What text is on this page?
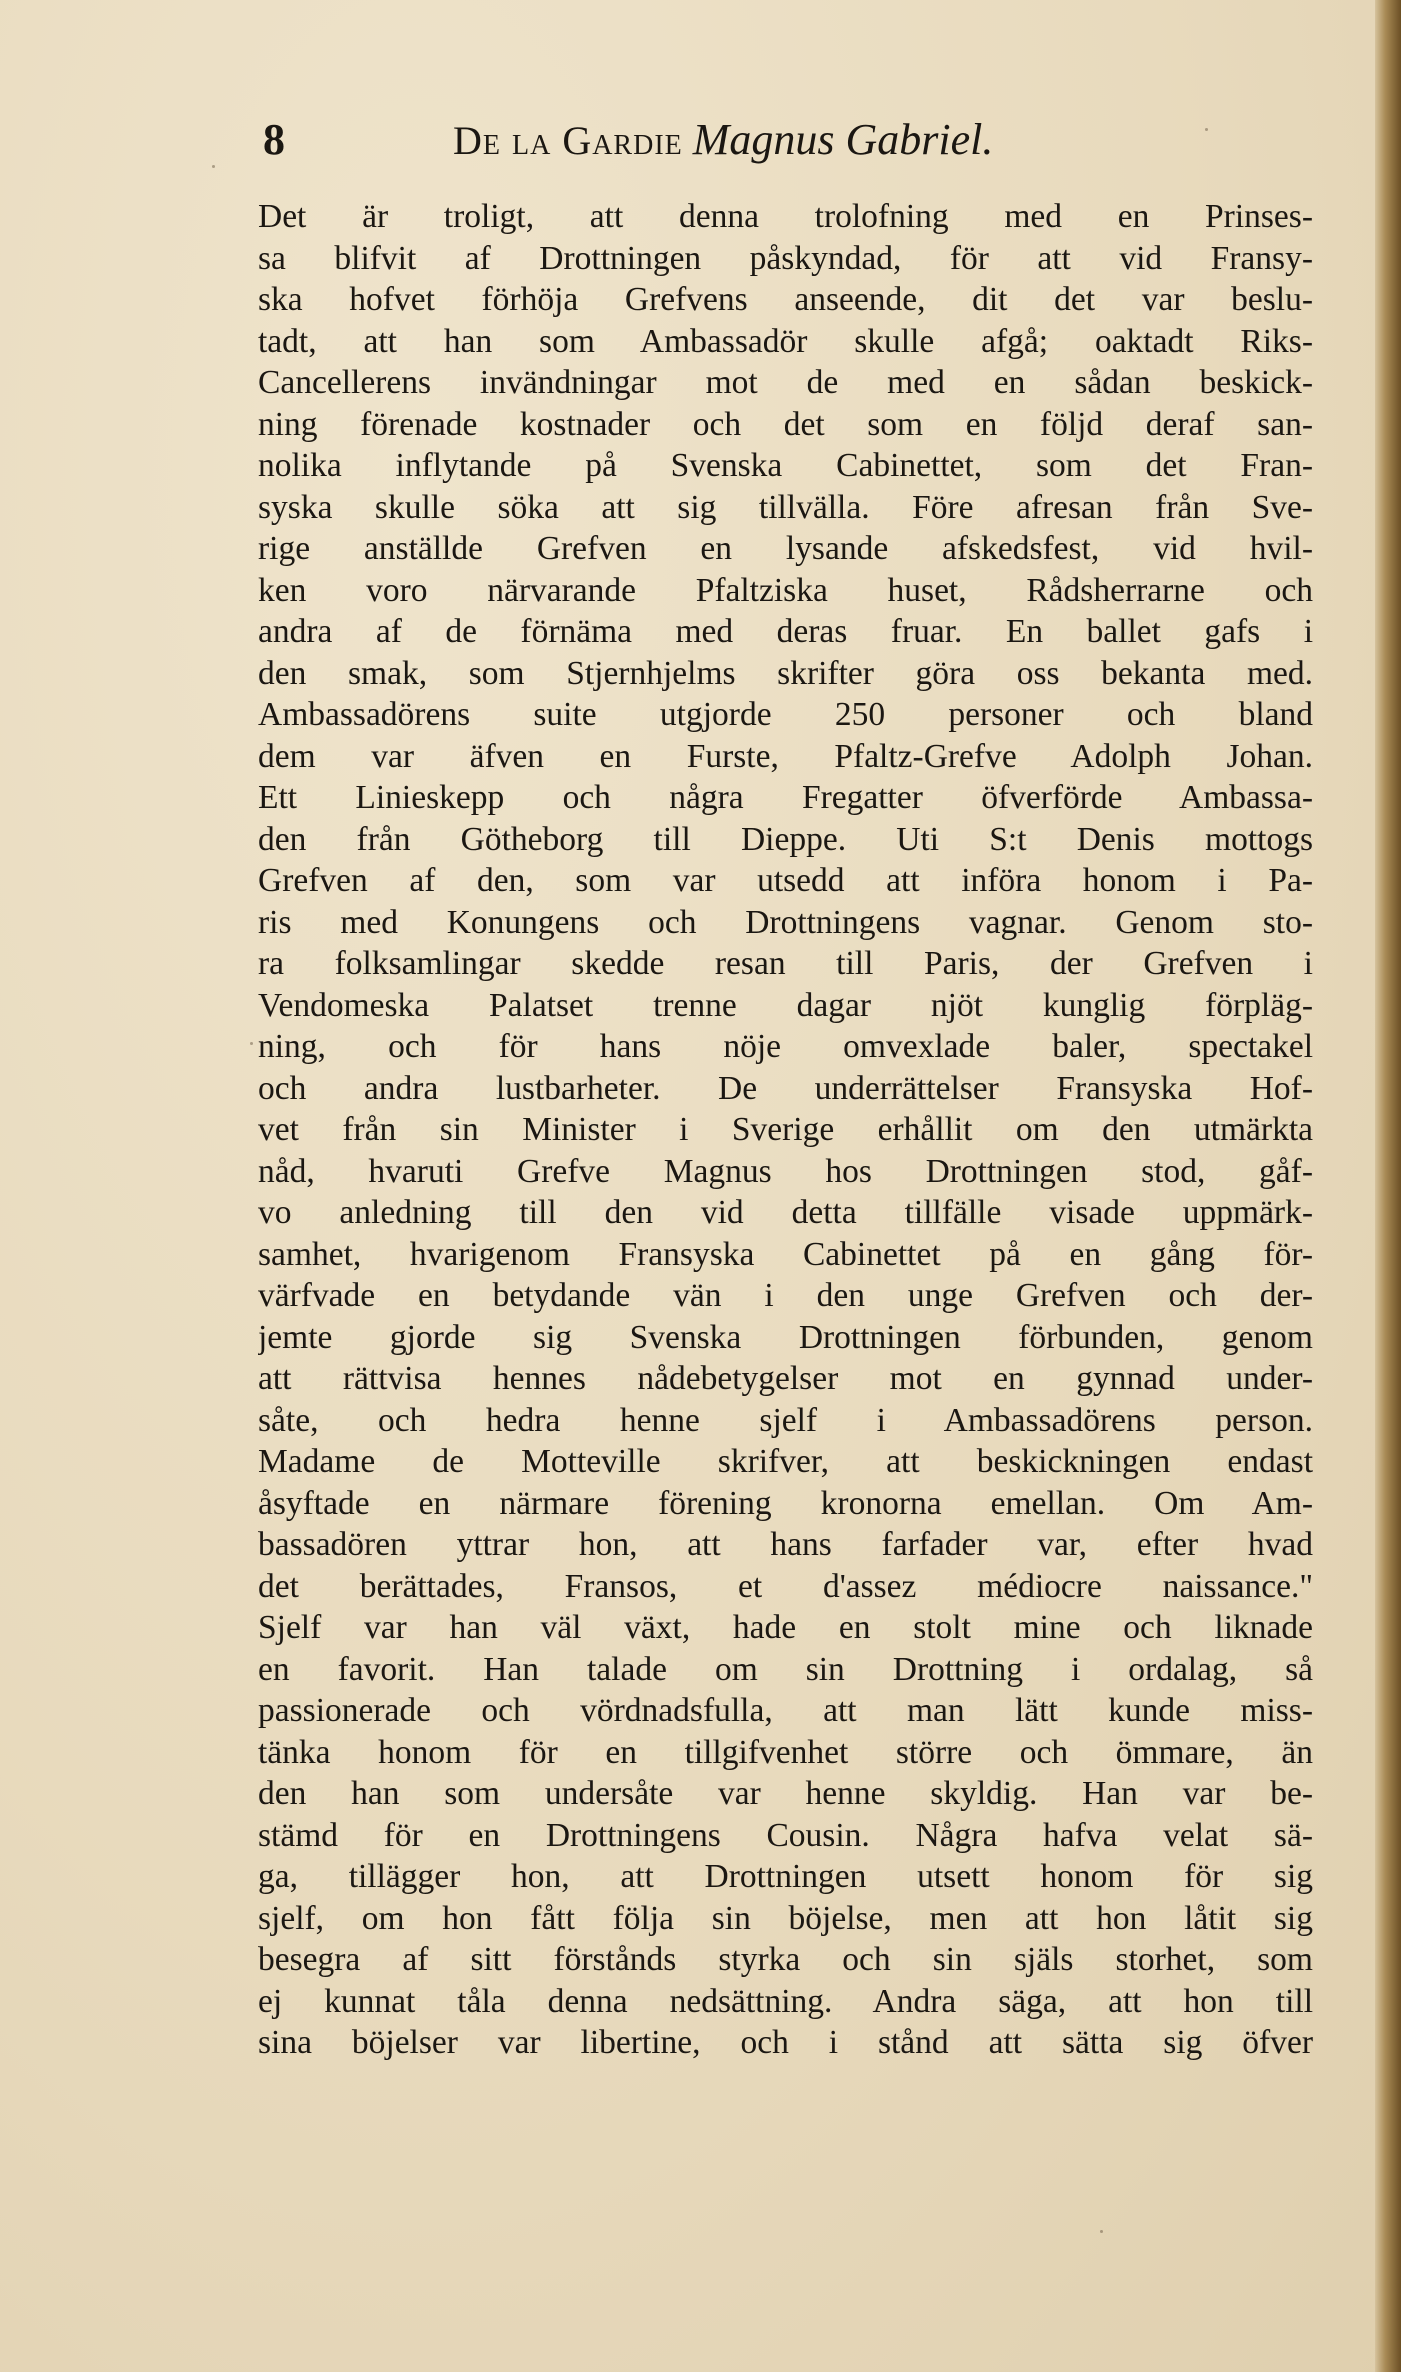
8	De la Gardie Magnus Gabriel.
Det är troligt, att denna trolofning med en Prinses-
sa blifvit af Drottningen påskyndad, för att vid Fransy-
ska hofvet förhöja Grefvens anseende, dit det var beslu-
tadt, att han som Ambassadör skulle afgå; oaktadt Riks-
Cancellerens invändningar mot de med en sådan beskick-
ning förenade kostnader och det som en följd deraf san-
nolika inflytande på Svenska Cabinettet, som det Fran-
syska skulle söka att sig tillvälla. Före afresan från Sve-
rige anställde Grefven en lysande afskedsfest, vid hvil-
ken voro närvarande Pfaltziska huset, Rådsherrarne och
andra af de förnäma med deras fruar. En ballet gafs i
den smak, som Stjernhjelms skrifter göra oss bekanta med.
Ambassadörens suite utgjorde 250 personer och bland
dem var äfven en Furste, Pfaltz-Grefve Adolph Johan.
Ett Linieskepp och några Fregatter öfverförde Ambassa-
den från Götheborg till Dieppe. Uti S:t Denis mottogs
Grefven af den, som var utsedd att införa honom i Pa-
ris med Konungens och Drottningens vagnar. Genom sto-
ra folksamlingar skedde resan till Paris, der Grefven i
Vendomeska Palatset trenne dagar njöt kunglig förpläg-
ning, och för hans nöje omvexlade baler, spectakel
och andra lustbarheter. De underrättelser Fransyska Hof-
vet från sin Minister i Sverige erhållit om den utmärkta
nåd, hvaruti Grefve Magnus hos Drottningen stod, gåf-
vo anledning till den vid detta tillfälle visade uppmärk-
samhet, hvarigenom Fransyska Cabinettet på en gång för-
värfvade en betydande vän i den unge Grefven och der-
jemte gjorde sig Svenska Drottningen förbunden, genom
att rättvisa hennes nådebetygelser mot en gynnad under-
såte, och hedra henne sjelf i Ambassadörens person.
Madame de Motteville skrifver, att beskickningen endast
åsyftade en närmare förening kronorna emellan. Om Am-
bassadören yttrar hon, att hans farfader var, efter hvad
det berättades, Fransos, et d'assez médiocre naissance."
Sjelf var han väl växt, hade en stolt mine och liknade
en favorit. Han talade om sin Drottning i ordalag, så
passionerade och vördnadsfulla, att man lätt kunde miss-
tänka honom för en tillgifvenhet större och ömmare, än
den han som undersåte var henne skyldig. Han var be-
stämd för en Drottningens Cousin. Några hafva velat sä-
ga, tillägger hon, att Drottningen utsett honom för sig
sjelf, om hon fått följa sin böjelse, men att hon låtit sig
besegra af sitt förstånds styrka och sin själs storhet, som
ej kunnat tåla denna nedsättning. Andra säga, att hon till
sina böjelser var libertine, och i stånd att sätta sig öfver
